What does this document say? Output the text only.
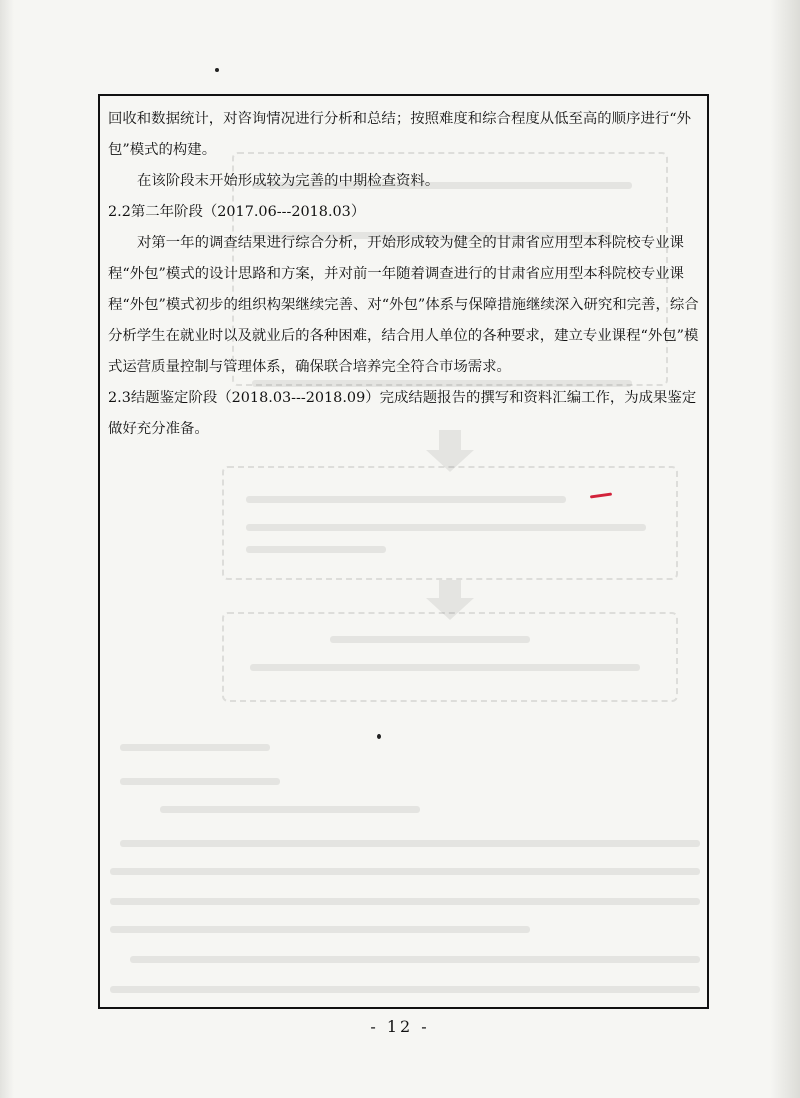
回收和数据统计，对咨询情况进行分析和总结；按照难度和综合程度从低至高的顺序进行“外包”模式的构建。

在该阶段末开始形成较为完善的中期检查资料。

2.2第二年阶段（2017.06---2018.03）

对第一年的调查结果进行综合分析，开始形成较为健全的甘肃省应用型本科院校专业课程“外包”模式的设计思路和方案，并对前一年随着调查进行的甘肃省应用型本科院校专业课程“外包”模式初步的组织构架继续完善、对“外包”体系与保障措施继续深入研究和完善，综合分析学生在就业时以及就业后的各种困难，结合用人单位的各种要求，建立专业课程“外包”模式运营质量控制与管理体系，确保联合培养完全符合市场需求。

2.3结题鉴定阶段（2018.03---2018.09）完成结题报告的撰写和资料汇编工作，为成果鉴定做好充分准备。

- 12 -
